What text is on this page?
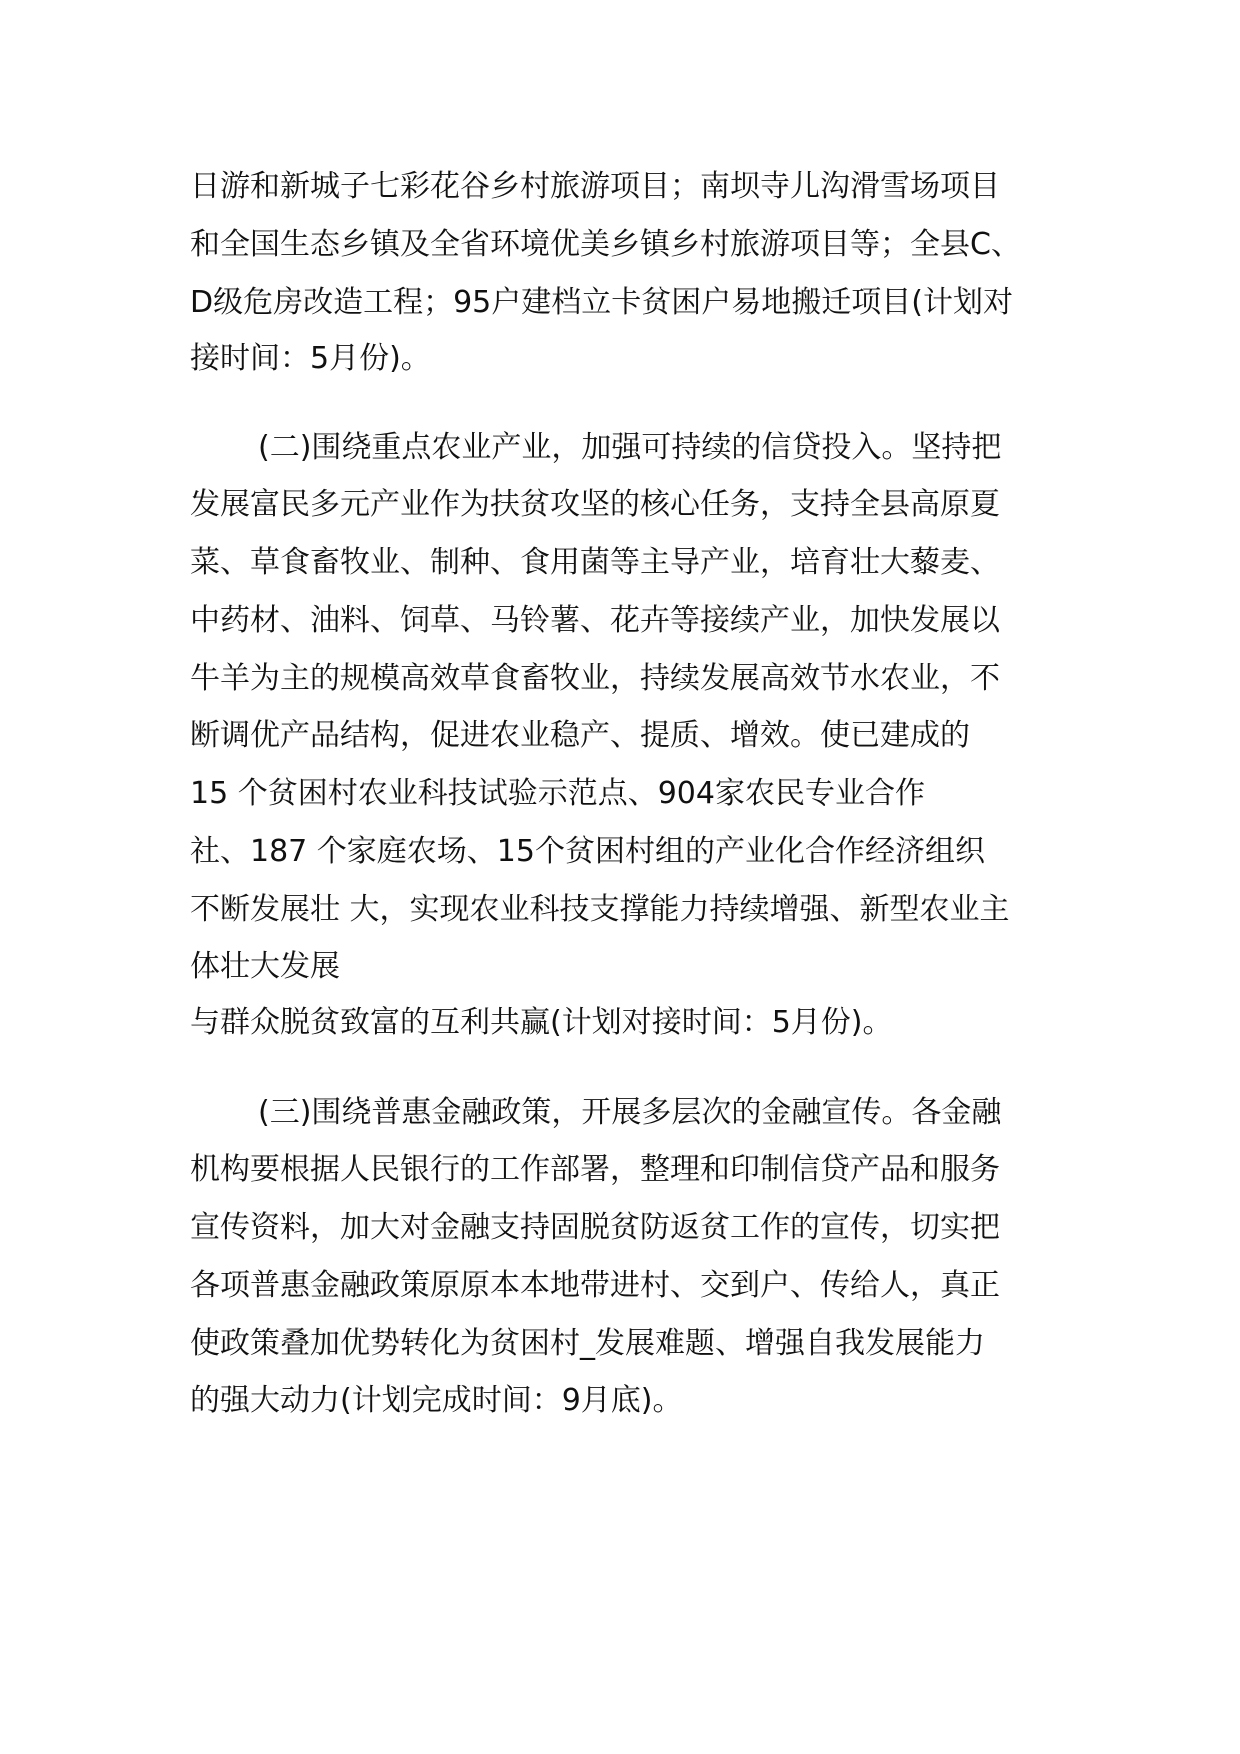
日游和新城子七彩花谷乡村旅游项目；南坝寺儿沟滑雪场项目
和全国生态乡镇及全省环境优美乡镇乡村旅游项目等；全县C、
D级危房改造工程；95户建档立卡贫困户易地搬迁项目(计划对
接时间：5月份)。
(二)围绕重点农业产业，加强可持续的信贷投入。坚持把
发展富民多元产业作为扶贫攻坚的核心任务，支持全县高原夏
菜、草食畜牧业、制种、食用菌等主导产业，培育壮大藜麦、
中药材、油料、饲草、马铃薯、花卉等接续产业，加快发展以
牛羊为主的规模高效草食畜牧业，持续发展高效节水农业，不
断调优产品结构，促进农业稳产、提质、增效。使已建成的
15 个贫困村农业科技试验示范点、904家农民专业合作
社、187 个家庭农场、15个贫困村组的产业化合作经济组织
不断发展壮 大，实现农业科技支撑能力持续增强、新型农业主
体壮大发展
与群众脱贫致富的互利共赢(计划对接时间：5月份)。
(三)围绕普惠金融政策，开展多层次的金融宣传。各金融
机构要根据人民银行的工作部署，整理和印制信贷产品和服务
宣传资料，加大对金融支持固脱贫防返贫工作的宣传，切实把
各项普惠金融政策原原本本地带进村、交到户、传给人，真正
使政策叠加优势转化为贫困村_发展难题、增强自我发展能力
的强大动力(计划完成时间：9月底)。
